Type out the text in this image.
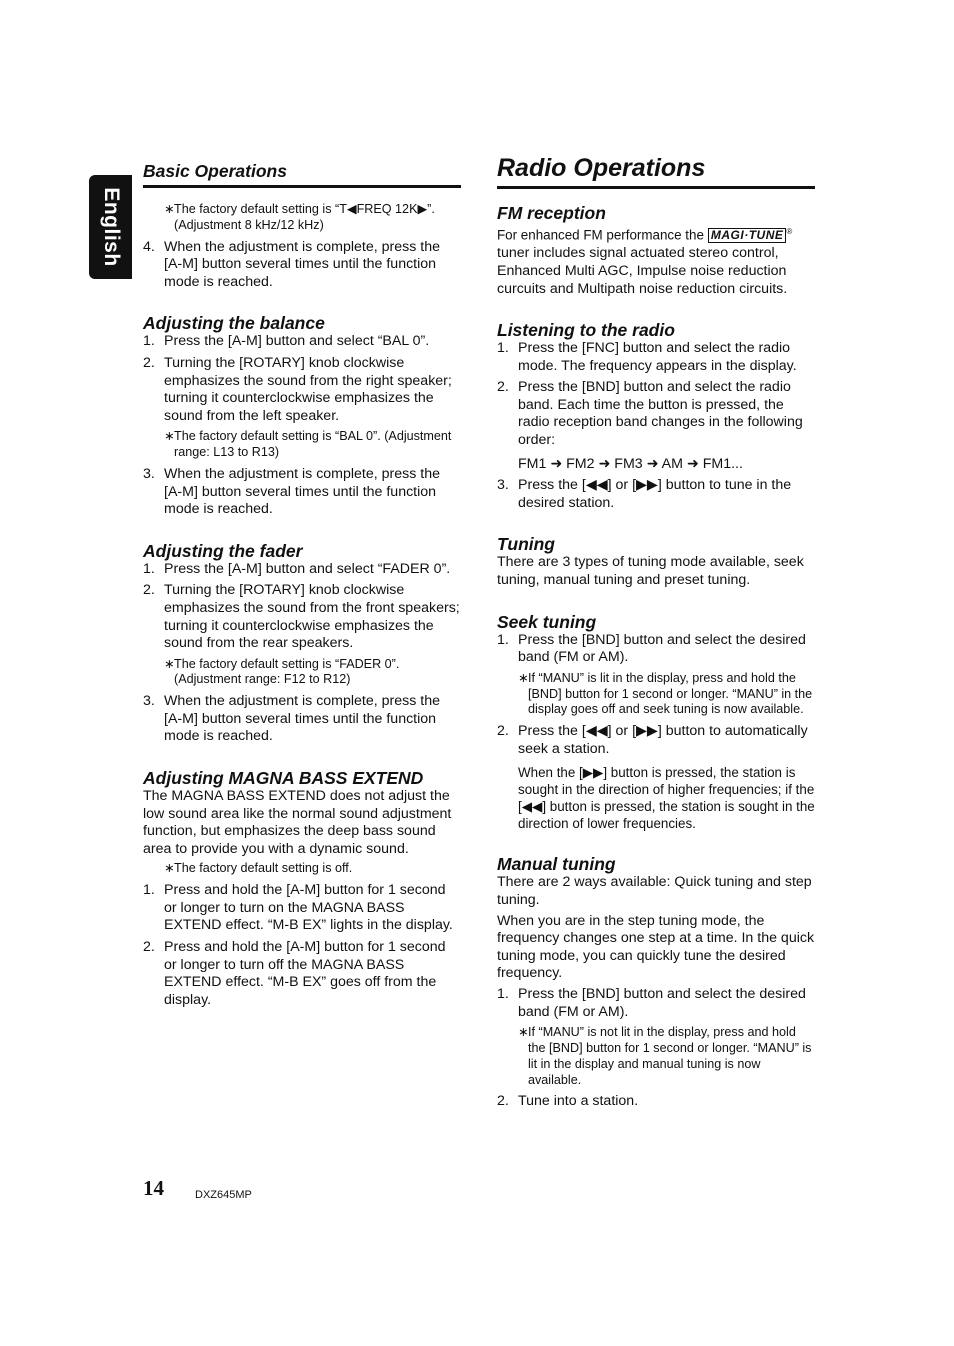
English
Basic Operations
∗ The factory default setting is “T◀FREQ 12K▶”. (Adjustment 8 kHz/12 kHz)
4. When the adjustment is complete, press the [A-M] button several times until the function mode is reached.
Adjusting the balance
1. Press the [A-M] button and select “BAL 0”.
2. Turning the [ROTARY] knob clockwise emphasizes the sound from the right speaker; turning it counterclockwise emphasizes the sound from the left speaker.
∗ The factory default setting is “BAL 0”. (Adjustment range: L13 to R13)
3. When the adjustment is complete, press the [A-M] button several times until the function mode is reached.
Adjusting the fader
1. Press the [A-M] button and select “FADER 0”.
2. Turning the [ROTARY] knob clockwise emphasizes the sound from the front speakers; turning it counterclockwise emphasizes the sound from the rear speakers.
∗ The factory default setting is “FADER 0”. (Adjustment range: F12 to R12)
3. When the adjustment is complete, press the [A-M] button several times until the function mode is reached.
Adjusting MAGNA BASS EXTEND

The MAGNA BASS EXTEND does not adjust the low sound area like the normal sound adjustment function, but emphasizes the deep bass sound area to provide you with a dynamic sound.

∗ The factory default setting is off.
1. Press and hold the [A-M] button for 1 second or longer to turn on the MAGNA BASS EXTEND effect. “M-B EX” lights in the display.
2. Press and hold the [A-M] button for 1 second or longer to turn off the MAGNA BASS EXTEND effect. “M-B EX” goes off from the display.
Radio Operations
FM reception

For enhanced FM performance the MAGI·TUNE ® tuner includes signal actuated stereo control, Enhanced Multi AGC, Impulse noise reduction curcuits and Multipath noise reduction circuits.

Listening to the radio
1. Press the [FNC] button and select the radio mode. The frequency appears in the display.
2. Press the [BND] button and select the radio band. Each time the button is pressed, the radio reception band changes in the following order:
FM1 ➜ FM2 ➜ FM3 ➜ AM ➜ FM1...
3. Press the [◀◀] or [▶▶] button to tune in the desired station.
Tuning

There are 3 types of tuning mode available, seek tuning, manual tuning and preset tuning.

Seek tuning
1. Press the [BND] button and select the desired band (FM or AM).
∗ If “MANU” is lit in the display, press and hold the [BND] button for 1 second or longer. “MANU” in the display goes off and seek tuning is now available.
2. Press the [◀◀] or [▶▶] button to automatically seek a station.
When the [▶▶] button is pressed, the station is sought in the direction of higher frequencies; if the [◀◀] button is pressed, the station is sought in the direction of lower frequencies.
Manual tuning

There are 2 ways available: Quick tuning and step tuning.

When you are in the step tuning mode, the frequency changes one step at a time. In the quick tuning mode, you can quickly tune the desired frequency.

1. Press the [BND] button and select the desired band (FM or AM).
∗ If “MANU” is not lit in the display, press and hold the [BND] button for 1 second or longer. “MANU” is lit in the display and manual tuning is now available.
2. Tune into a station.
14	DXZ645MP
